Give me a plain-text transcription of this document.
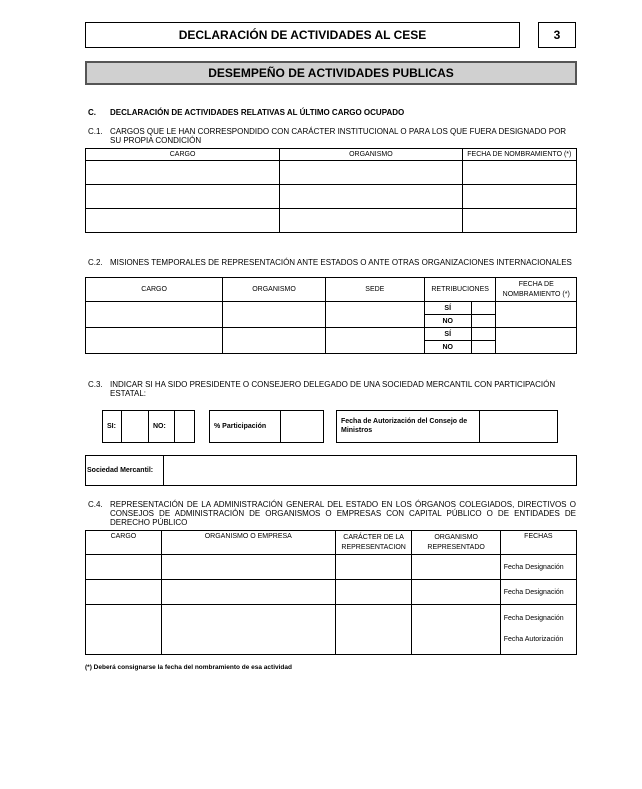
DECLARACIÓN DE ACTIVIDADES AL CESE	3
DESEMPEÑO DE ACTIVIDADES PUBLICAS
C. DECLARACIÓN DE ACTIVIDADES RELATIVAS AL ÚLTIMO CARGO OCUPADO
C.1. CARGOS QUE LE HAN CORRESPONDIDO CON CARÁCTER INSTITUCIONAL O PARA LOS QUE FUERA DESIGNADO POR SU PROPIA CONDICIÓN
CARGO	ORGANISMO	FECHA DE NOMBRAMIENTO (*)

C.2. MISIONES TEMPORALES DE REPRESENTACIÓN ANTE ESTADOS O ANTE OTRAS ORGANIZACIONES INTERNACIONALES
CARGO	ORGANISMO	SEDE	RETRIBUCIONES		FECHA DE NOMBRAMIENTO (*)
			SÍ		
			NO		
			SÍ		
			NO		
C.3. INDICAR SI HA SIDO PRESIDENTE O CONSEJERO DELEGADO DE UNA SOCIEDAD MERCANTIL CON PARTICIPACIÓN ESTATAL:
SI:	NO:	% Participación
Fecha de Autorización del Consejo de Ministros
Sociedad Mercantil:
C.4. REPRESENTACIÓN DE LA ADMINISTRACIÓN GENERAL DEL ESTADO EN LOS ÓRGANOS COLEGIADOS, DIRECTIVOS O CONSEJOS DE ADMINISTRACIÓN DE ORGANISMOS O EMPRESAS CON CAPITAL PÚBLICO O DE ENTIDADES DE DERECHO PÚBLICO
CARGO	ORGANISMO O EMPRESA	CARÁCTER DE LA REPRESENTACION	ORGANISMO REPRESENTADO	FECHAS
				Fecha Designación
				Fecha Designación

				Fecha Designación
Fecha Autorización
(*) Deberá consignarse la fecha del nombramiento de esa actividad
